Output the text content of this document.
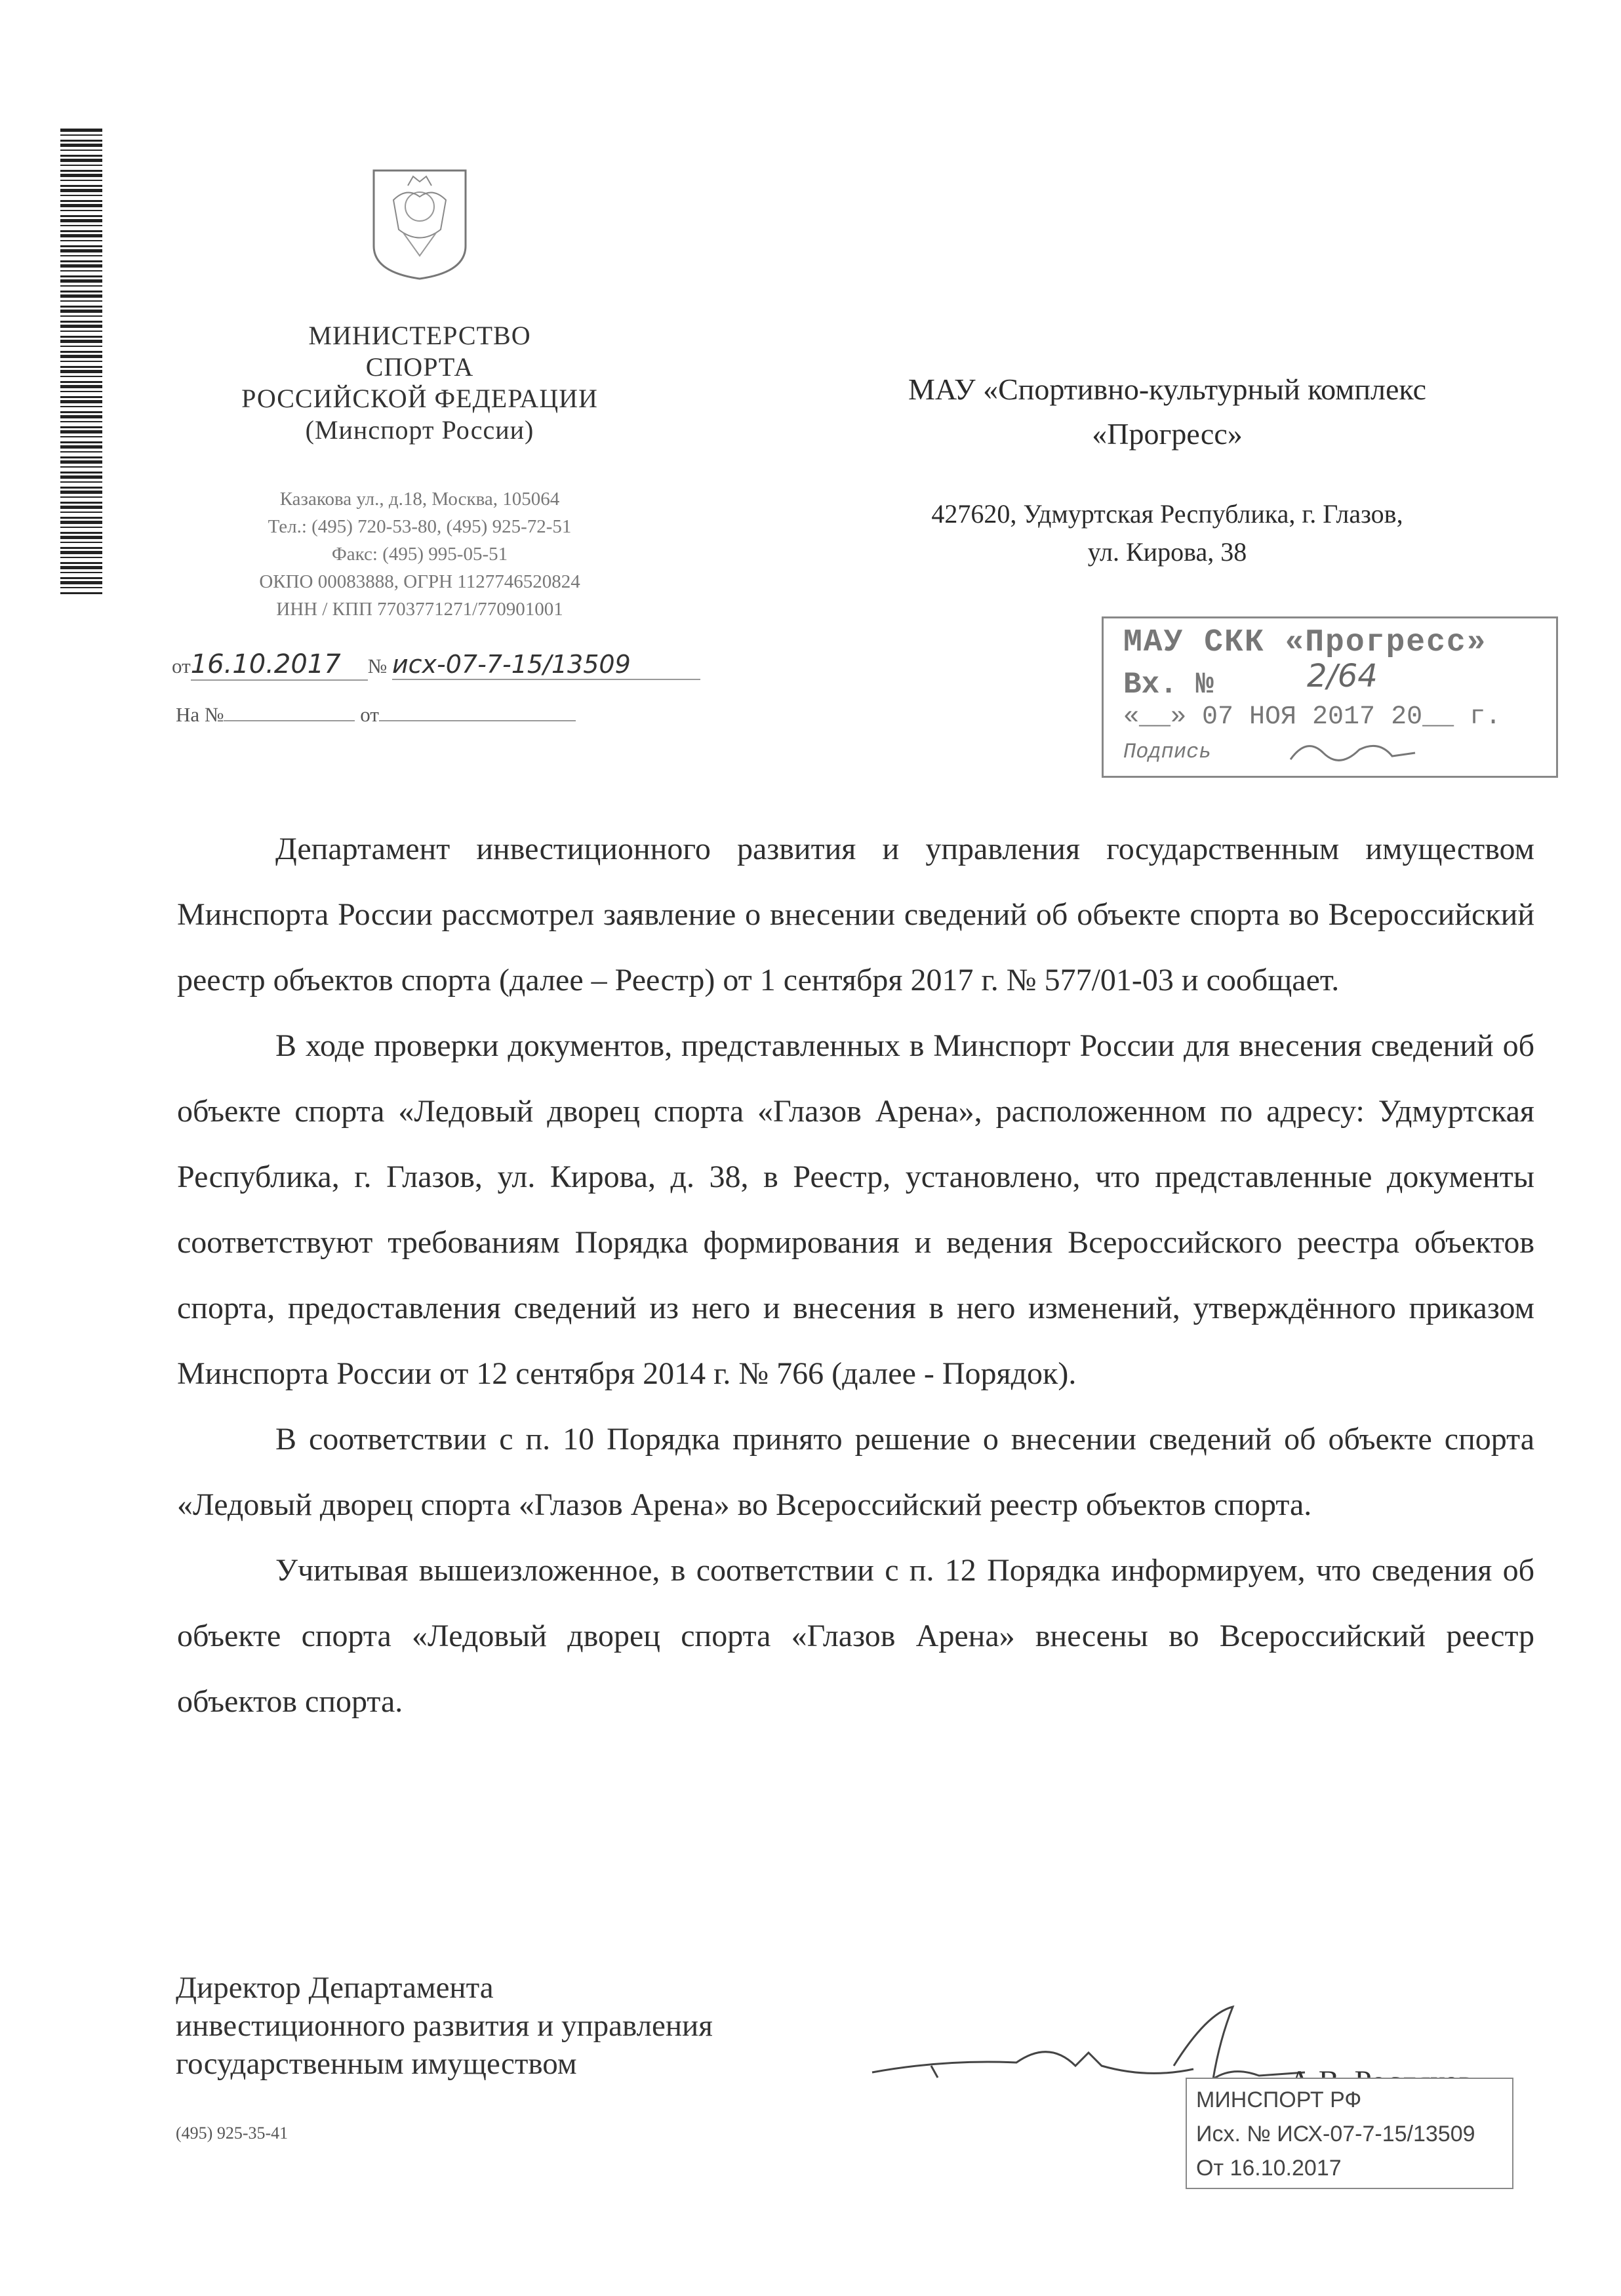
МИНИСТЕРСТВО
СПОРТА
РОССИЙСКОЙ ФЕДЕРАЦИИ
(Минспорт России)
Казакова ул., д.18, Москва, 105064
Тел.: (495) 720-53-80, (495) 925-72-51
Факс: (495) 995-05-51
ОКПО 00083888, ОГРН 1127746520824
ИНН / КПП 7703771271/770901001
от16.10.2017 № исх-07-7-15/13509
На №	от
МАУ «Спортивно-культурный комплекс
«Прогресс»
427620, Удмуртская Республика, г. Глазов,
ул. Кирова, 38
МАУ СКК «Прогресс»
Вх. №	2/64
«__» 07 НОЯ 2017 20__ г.
Подпись

Департамент инвестиционного развития и управления государственным имуществом Минспорта России рассмотрел заявление о внесении сведений об объекте спорта во Всероссийский реестр объектов спорта (далее – Реестр) от 1 сентября 2017 г. № 577/01-03 и сообщает.

В ходе проверки документов, представленных в Минспорт России для внесения сведений об объекте спорта «Ледовый дворец спорта «Глазов Арена», расположенном по адресу: Удмуртская Республика, г. Глазов, ул. Кирова, д. 38, в Реестр, установлено, что представленные документы соответствуют требованиям Порядка формирования и ведения Всероссийского реестра объектов спорта, предоставления сведений из него и внесения в него изменений, утверждённого приказом Минспорта России от 12 сентября 2014 г. № 766 (далее - Порядок).

В соответствии с п. 10 Порядка принято решение о внесении сведений об объекте спорта «Ледовый дворец спорта «Глазов Арена» во Всероссийский реестр объектов спорта.

Учитывая вышеизложенное, в соответствии с п. 12 Порядка информируем, что сведения об объекте спорта «Ледовый дворец спорта «Глазов Арена» внесены во Всероссийский реестр объектов спорта.

Директор Департамента
инвестиционного развития и управления
государственным имуществом
(495) 925-35-41
МИНСПОРТ РФ
Исх. № ИСХ-07-7-15/13509
От 16.10.2017
